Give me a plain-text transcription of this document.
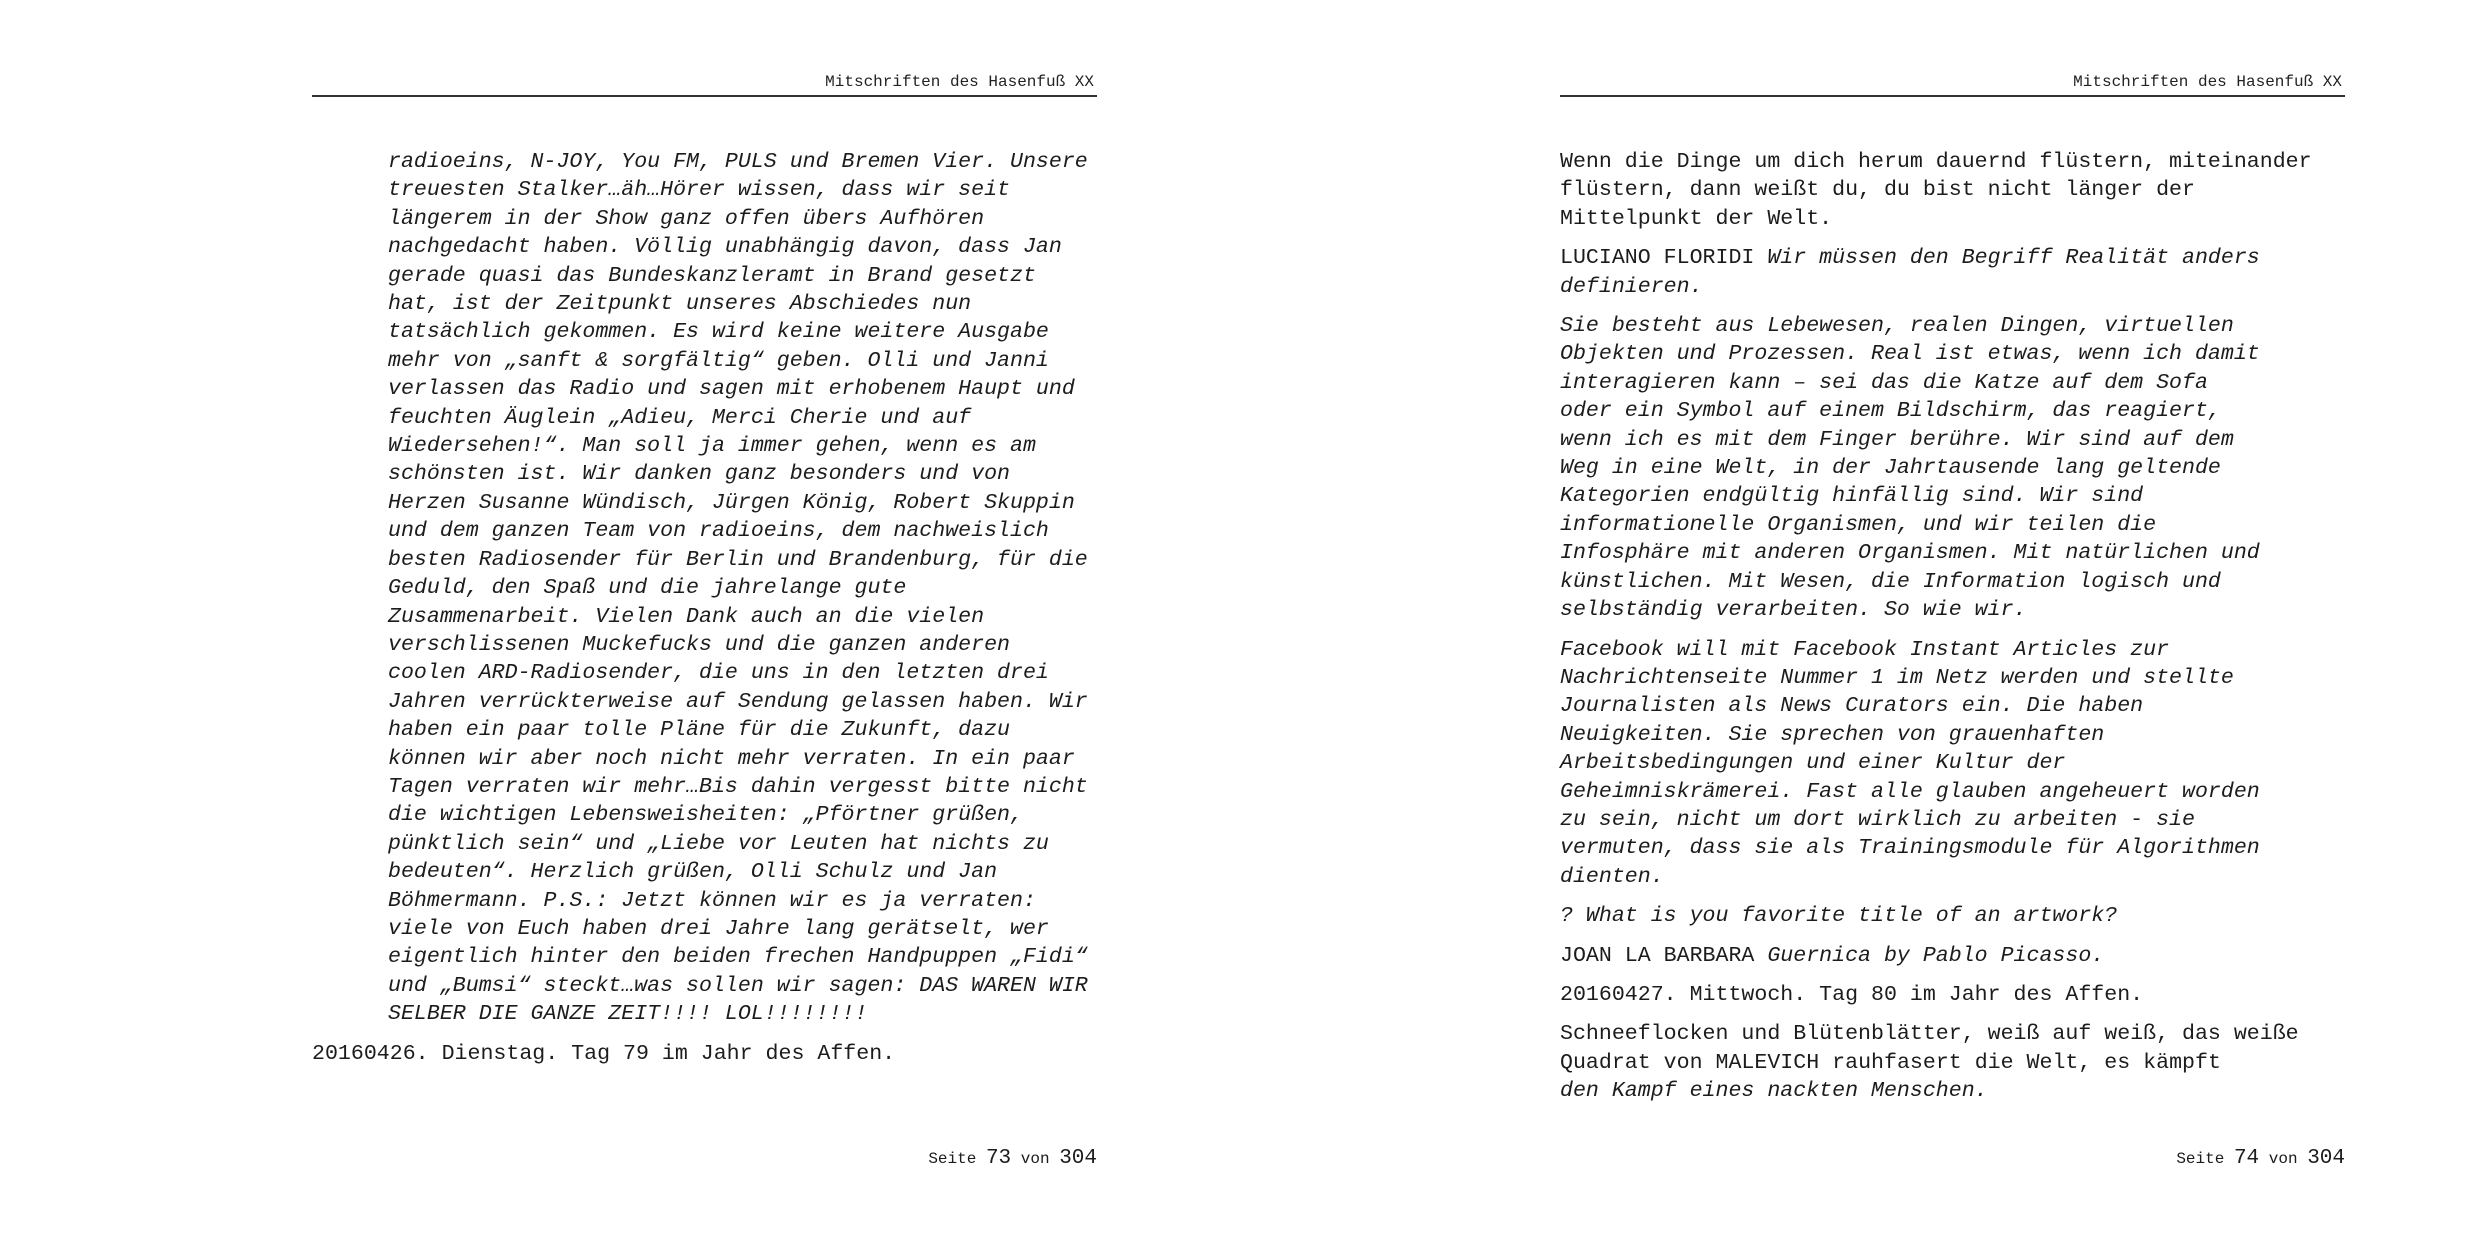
Mitschriften des Hasenfuß XX

radioeins, N-JOY, You FM, PULS und Bremen Vier. Unsere

treuesten Stalker…äh…Hörer wissen, dass wir seit

längerem in der Show ganz offen übers Aufhören

nachgedacht haben. Völlig unabhängig davon, dass Jan

gerade quasi das Bundeskanzleramt in Brand gesetzt

hat, ist der Zeitpunkt unseres Abschiedes nun

tatsächlich gekommen. Es wird keine weitere Ausgabe

mehr von „sanft & sorgfältig“ geben. Olli und Janni

verlassen das Radio und sagen mit erhobenem Haupt und

feuchten Äuglein „Adieu, Merci Cherie und auf

Wiedersehen!“. Man soll ja immer gehen, wenn es am

schönsten ist. Wir danken ganz besonders und von

Herzen Susanne Wündisch, Jürgen König, Robert Skuppin

und dem ganzen Team von radioeins, dem nachweislich

besten Radiosender für Berlin und Brandenburg, für die

Geduld, den Spaß und die jahrelange gute

Zusammenarbeit. Vielen Dank auch an die vielen

verschlissenen Muckefucks und die ganzen anderen

coolen ARD-Radiosender, die uns in den letzten drei

Jahren verrückterweise auf Sendung gelassen haben. Wir

haben ein paar tolle Pläne für die Zukunft, dazu

können wir aber noch nicht mehr verraten. In ein paar

Tagen verraten wir mehr…Bis dahin vergesst bitte nicht

die wichtigen Lebensweisheiten: „Pförtner grüßen,

pünktlich sein“ und „Liebe vor Leuten hat nichts zu

bedeuten“. Herzlich grüßen, Olli Schulz und Jan

Böhmermann. P.S.: Jetzt können wir es ja verraten:

viele von Euch haben drei Jahre lang gerätselt, wer

eigentlich hinter den beiden frechen Handpuppen „Fidi“

und „Bumsi“ steckt…was sollen wir sagen: DAS WAREN WIR

SELBER DIE GANZE ZEIT!!!! LOL!!!!!!!!

20160426. Dienstag. Tag 79 im Jahr des Affen.

Seite 73 von 304
Mitschriften des Hasenfuß XX
Wenn die Dinge um dich herum dauernd flüstern, miteinander
flüstern, dann weißt du, du bist nicht länger der
Mittelpunkt der Welt.
LUCIANO FLORIDI Wir müssen den Begriff Realität anders
definieren.
Sie besteht aus Lebewesen, realen Dingen, virtuellen
Objekten und Prozessen. Real ist etwas, wenn ich damit
interagieren kann – sei das die Katze auf dem Sofa
oder ein Symbol auf einem Bildschirm, das reagiert,
wenn ich es mit dem Finger berühre. Wir sind auf dem
Weg in eine Welt, in der Jahrtausende lang geltende
Kategorien endgültig hinfällig sind. Wir sind
informationelle Organismen, und wir teilen die
Infosphäre mit anderen Organismen. Mit natürlichen und
künstlichen. Mit Wesen, die Information logisch und
selbständig verarbeiten. So wie wir.
Facebook will mit Facebook Instant Articles zur
Nachrichtenseite Nummer 1 im Netz werden und stellte
Journalisten als News Curators ein. Die haben
Neuigkeiten. Sie sprechen von grauenhaften
Arbeitsbedingungen und einer Kultur der
Geheimniskrämerei. Fast alle glauben angeheuert worden
zu sein, nicht um dort wirklich zu arbeiten - sie
vermuten, dass sie als Trainingsmodule für Algorithmen
dienten.

? What is you favorite title of an artwork?

JOAN LA BARBARA Guernica by Pablo Picasso.

20160427. Mittwoch. Tag 80 im Jahr des Affen.

Schneeflocken und Blütenblätter, weiß auf weiß, das weiße
Quadrat von MALEVICH rauhfasert die Welt, es kämpft
den Kampf eines nackten Menschen.
Seite 74 von 304
